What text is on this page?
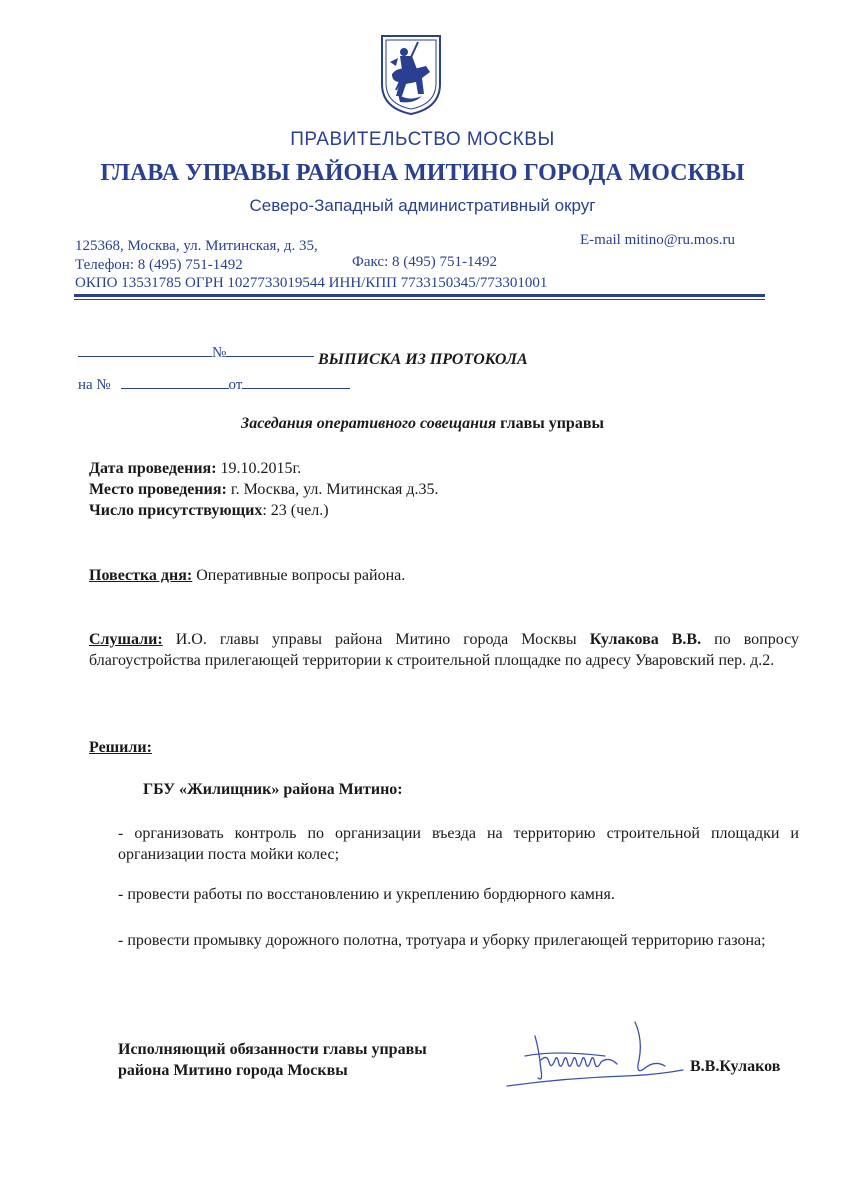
ПРАВИТЕЛЬСТВО МОСКВЫ
ГЛАВА УПРАВЫ РАЙОНА МИТИНО ГОРОДА МОСКВЫ
Северо-Западный административный округ
125368, Москва, ул. Митинская, д. 35,	E-mail mitino@ru.mos.ru
Телефон: 8 (495) 751-1492	Факс: 8 (495) 751-1492
ОКПО 13531785 ОГРН 1027733019544 ИНН/КПП 7733150345/773301001
№
на №	от
ВЫПИСКА ИЗ ПРОТОКОЛА
Заседания оперативного совещания главы управы
Дата проведения: 19.10.2015г.
Место проведения: г. Москва, ул. Митинская д.35.
Число присутствующих: 23 (чел.)
Повестка дня: Оперативные вопросы района.
Слушали: И.О. главы управы района Митино города Москвы Кулакова В.В. по вопросу благоустройства прилегающей территории к строительной площадке по адресу Уваровский пер. д.2.
Решили:
ГБУ «Жилищник» района Митино:
- организовать контроль по организации въезда на территорию строительной площадки и организации поста мойки колес;
- провести работы по восстановлению и укреплению бордюрного камня.
- провести промывку дорожного полотна, тротуара и уборку прилегающей территорию газона;
Исполняющий обязанности главы управы
района Митино города Москвы	В.В.Кулаков
